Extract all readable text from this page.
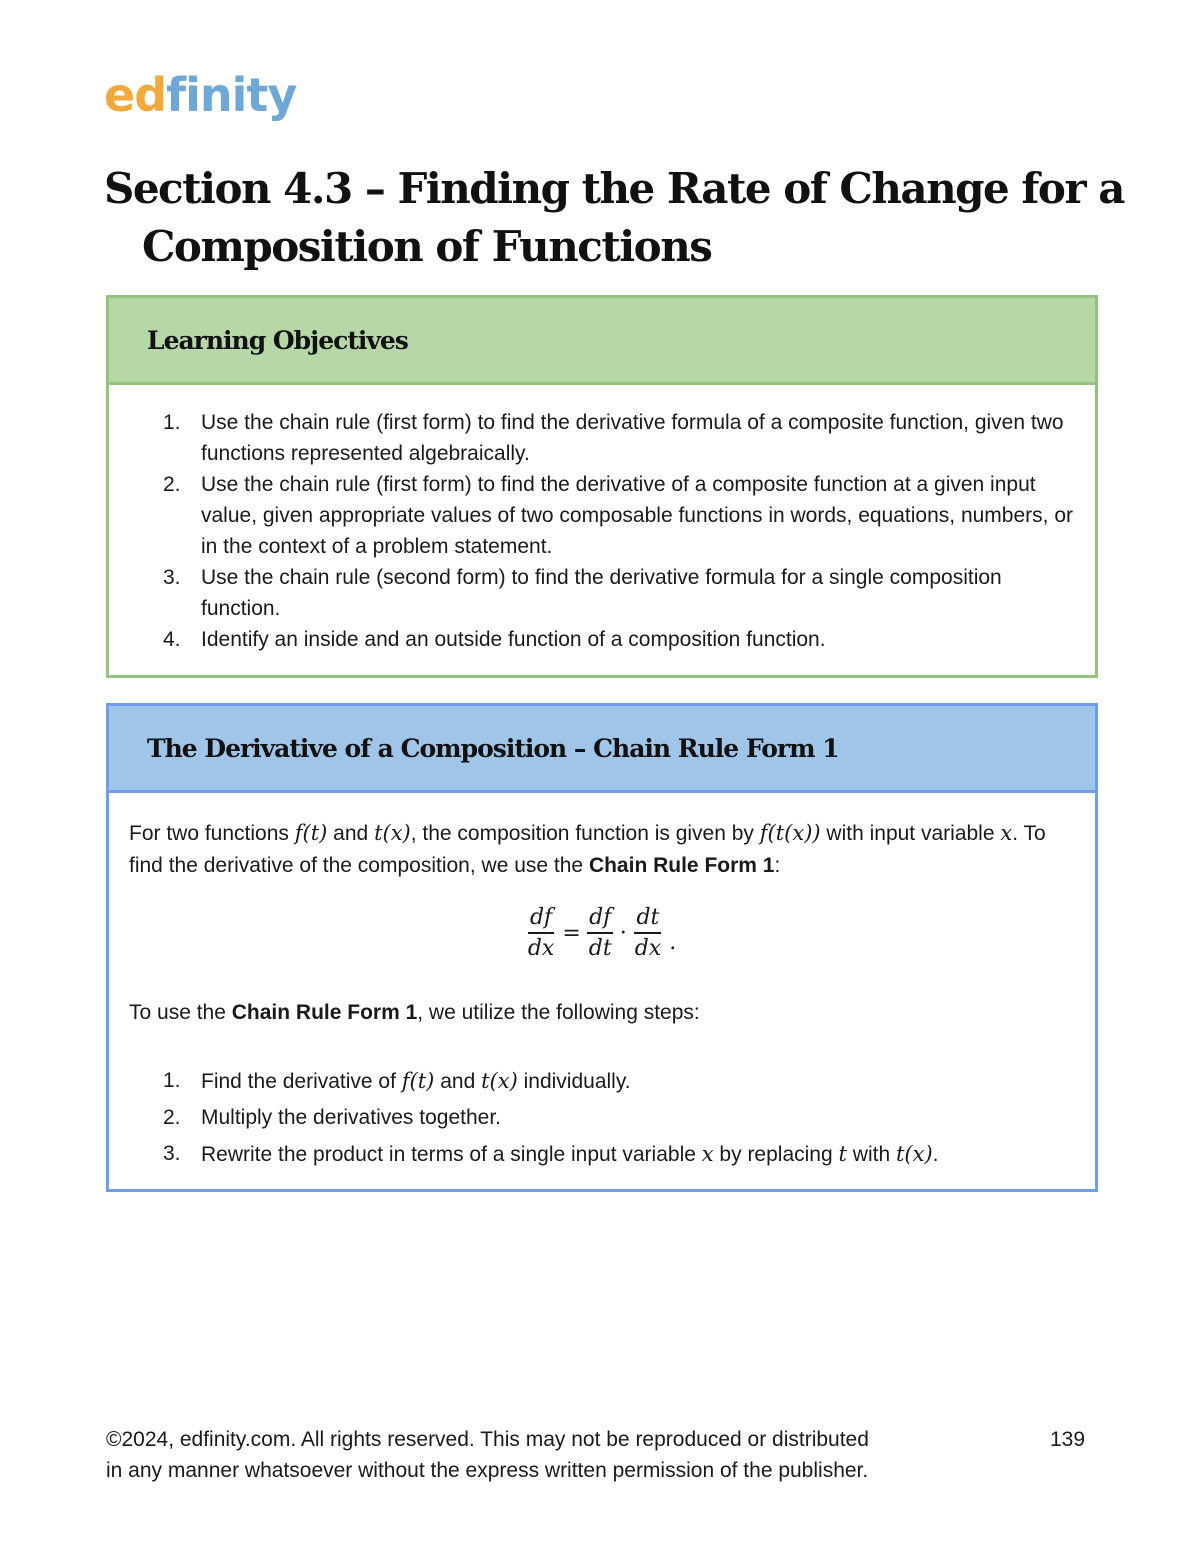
edfinity
Section 4.3 – Finding the Rate of Change for a Composition of Functions
Learning Objectives
1. Use the chain rule (first form) to find the derivative formula of a composite function, given two functions represented algebraically.
2. Use the chain rule (first form) to find the derivative of a composite function at a given input value, given appropriate values of two composable functions in words, equations, numbers, or in the context of a problem statement.
3. Use the chain rule (second form) to find the derivative formula for a single composition function.
4. Identify an inside and an outside function of a composition function.
The Derivative of a Composition – Chain Rule Form 1
For two functions f(t) and t(x), the composition function is given by f(t(x)) with input variable x. To find the derivative of the composition, we use the Chain Rule Form 1:
$\frac{df}{dx} = \frac{df}{dt} \cdot \frac{dt}{dx}$ .
To use the Chain Rule Form 1, we utilize the following steps:
1. Find the derivative of f(t) and t(x) individually.
2. Multiply the derivatives together.
3. Rewrite the product in terms of a single input variable x by replacing t with t(x).
©2024, edfinity.com. All rights reserved. This may not be reproduced or distributed
in any manner whatsoever without the express written permission of the publisher.
139
